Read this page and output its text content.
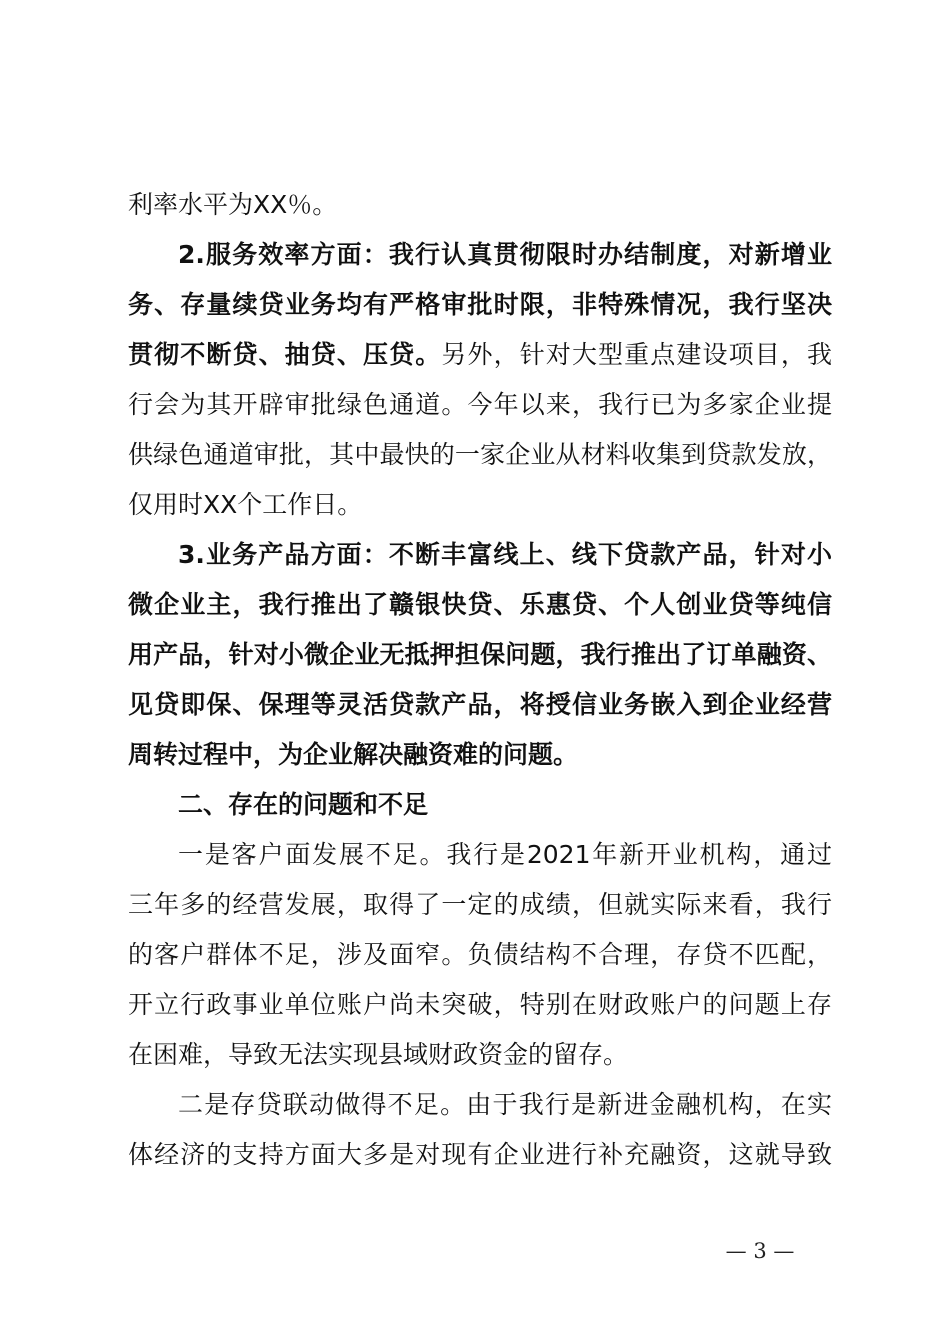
利率水平为XX％。
2.服务效率方面：我行认真贯彻限时办结制度，对新增业
务、存量续贷业务均有严格审批时限，非特殊情况，我行坚决
贯彻不断贷、抽贷、压贷。另外，针对大型重点建设项目，我
行会为其开辟审批绿色通道。今年以来，我行已为多家企业提
供绿色通道审批，其中最快的一家企业从材料收集到贷款发放，
仅用时XX个工作日。
3.业务产品方面：不断丰富线上、线下贷款产品，针对小
微企业主，我行推出了赣银快贷、乐惠贷、个人创业贷等纯信
用产品，针对小微企业无抵押担保问题，我行推出了订单融资、
见贷即保、保理等灵活贷款产品，将授信业务嵌入到企业经营
周转过程中，为企业解决融资难的问题。
二、存在的问题和不足
一是客户面发展不足。我行是2021年新开业机构，通过
三年多的经营发展，取得了一定的成绩，但就实际来看，我行
的客户群体不足，涉及面窄。负债结构不合理，存贷不匹配，
开立行政事业单位账户尚未突破，特别在财政账户的问题上存
在困难，导致无法实现县域财政资金的留存。
二是存贷联动做得不足。由于我行是新进金融机构，在实
体经济的支持方面大多是对现有企业进行补充融资，这就导致
— 3 —
